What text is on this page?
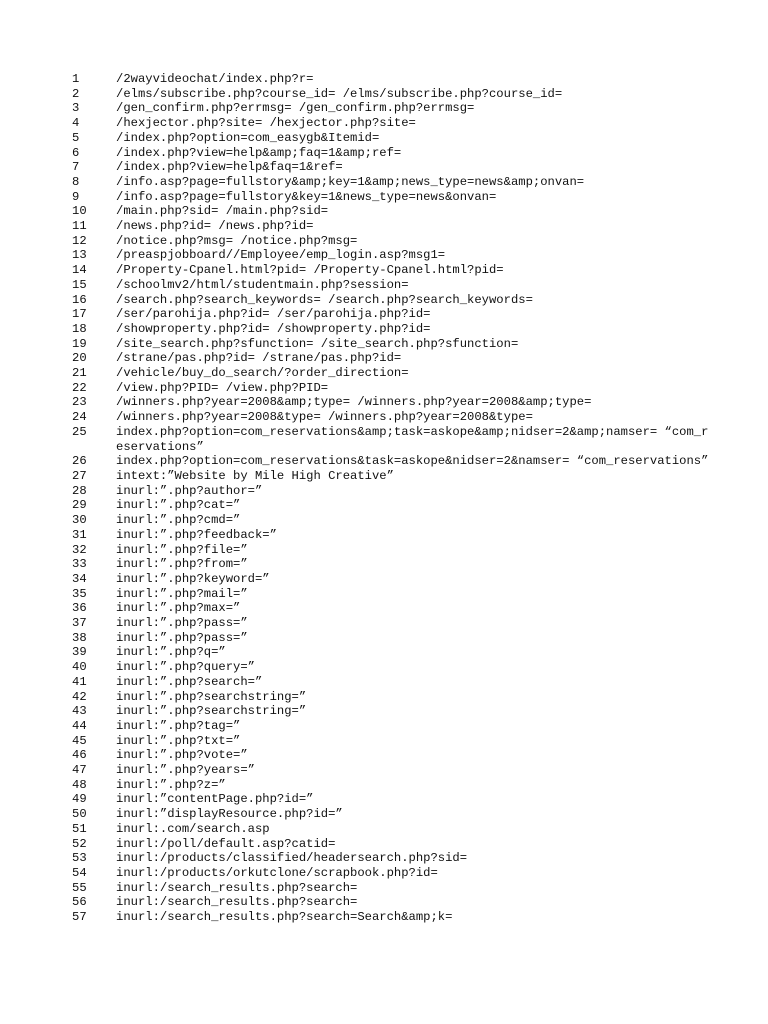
1	/2wayvideochat/index.php?r=
2	/elms/subscribe.php?course_id= /elms/subscribe.php?course_id=
3	/gen_confirm.php?errmsg= /gen_confirm.php?errmsg=
4	/hexjector.php?site= /hexjector.php?site=
5	/index.php?option=com_easygb&Itemid=
6	/index.php?view=help&amp;faq=1&amp;ref=
7	/index.php?view=help&faq=1&ref=
8	/info.asp?page=fullstory&amp;key=1&amp;news_type=news&amp;onvan=
9	/info.asp?page=fullstory&key=1&news_type=news&onvan=
10 /main.php?sid= /main.php?sid=
11 /news.php?id= /news.php?id=
12 /notice.php?msg= /notice.php?msg=
13 /preaspjobboard//Employee/emp_login.asp?msg1=
14 /Property-Cpanel.html?pid= /Property-Cpanel.html?pid=
15 /schoolmv2/html/studentmain.php?session=
16 /search.php?search_keywords= /search.php?search_keywords=
17 /ser/parohija.php?id= /ser/parohija.php?id=
18 /showproperty.php?id= /showproperty.php?id=
19 /site_search.php?sfunction= /site_search.php?sfunction=
20 /strane/pas.php?id= /strane/pas.php?id=
21 /vehicle/buy_do_search/?order_direction=
22 /view.php?PID= /view.php?PID=
23 /winners.php?year=2008&amp;type= /winners.php?year=2008&amp;type=
24 /winners.php?year=2008&type= /winners.php?year=2008&type=
25 index.php?option=com_reservations&amp;task=askope&amp;nidser=2&amp;namser= “com_reservations”
26 index.php?option=com_reservations&task=askope&nidser=2&namser= “com_reservations”
27 intext:”Website by Mile High Creative”
28 inurl:”.php?author=”
29 inurl:”.php?cat=”
30 inurl:”.php?cmd=”
31 inurl:”.php?feedback=”
32 inurl:”.php?file=”
33 inurl:”.php?from=”
34 inurl:”.php?keyword=”
35 inurl:”.php?mail=”
36 inurl:”.php?max=”
37 inurl:”.php?pass=”
38 inurl:”.php?pass=”
39 inurl:”.php?q=”
40 inurl:”.php?query=”
41 inurl:”.php?search=”
42 inurl:”.php?searchstring=”
43 inurl:”.php?searchstring=”
44 inurl:”.php?tag=”
45 inurl:”.php?txt=”
46 inurl:”.php?vote=”
47 inurl:”.php?years=”
48 inurl:”.php?z=”
49 inurl:”contentPage.php?id=”
50 inurl:”displayResource.php?id=”
51 inurl:.com/search.asp
52 inurl:/poll/default.asp?catid=
53 inurl:/products/classified/headersearch.php?sid=
54 inurl:/products/orkutclone/scrapbook.php?id=
55 inurl:/search_results.php?search=
56 inurl:/search_results.php?search=
57 inurl:/search_results.php?search=Search&amp;k=
